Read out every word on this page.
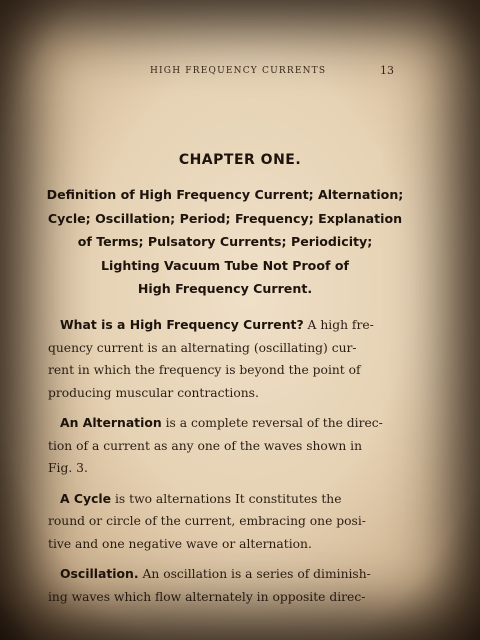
HIGH FREQUENCY CURRENTS	13
CHAPTER ONE.
Definition of High Frequency Current; Alternation;
Cycle; Oscillation; Period; Frequency; Explanation
of Terms; Pulsatory Currents; Periodicity;
Lighting Vacuum Tube Not Proof of
High Frequency Current.
What is a High Frequency Current? A high fre-
quency current is an alternating (oscillating) cur-
rent in which the frequency is beyond the point of
producing muscular contractions.
An Alternation is a complete reversal of the direc-
tion of a current as any one of the waves shown in
Fig. 3.
A Cycle is two alternations It constitutes the
round or circle of the current, embracing one posi-
tive and one negative wave or alternation.
Oscillation. An oscillation is a series of diminish-
ing waves which flow alternately in opposite direc-
